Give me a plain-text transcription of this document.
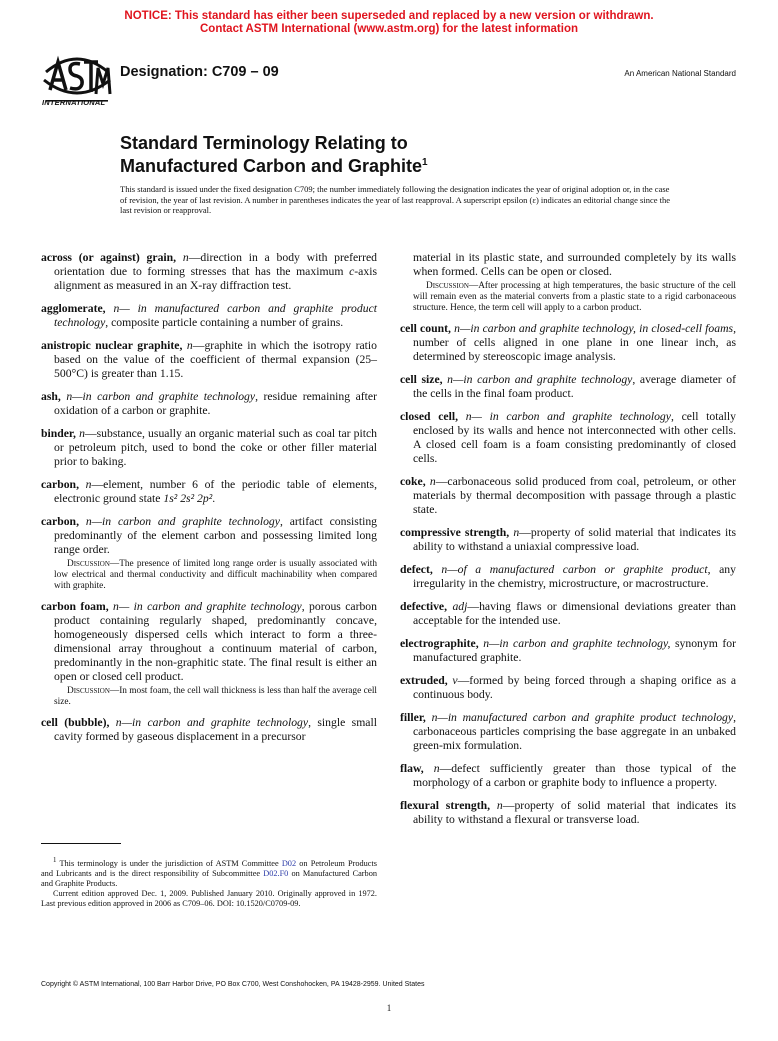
NOTICE: This standard has either been superseded and replaced by a new version or withdrawn.
Contact ASTM International (www.astm.org) for the latest information
INTERNATIONAL
Designation: C709 – 09	An American National Standard
Standard Terminology Relating to
Manufactured Carbon and Graphite$^1$
This standard is issued under the fixed designation C709; the number immediately following the designation indicates the year of original adoption or, in the case of revision, the year of last revision. A number in parentheses indicates the year of last reapproval. A superscript epsilon (ε) indicates an editorial change since the last revision or reapproval.

across (or against) grain, n—direction in a body with preferred orientation due to forming stresses that has the maximum c-axis alignment as measured in an X-ray diffraction test.

agglomerate, n— in manufactured carbon and graphite product technology, composite particle containing a number of grains.

anistropic nuclear graphite, n—graphite in which the isotropy ratio based on the value of the coefficient of thermal expansion (25–500°C) is greater than 1.15.

ash, n—in carbon and graphite technology, residue remaining after oxidation of a carbon or graphite.

binder, n—substance, usually an organic material such as coal tar pitch or petroleum pitch, used to bond the coke or other filler material prior to baking.

carbon, n—element, number 6 of the periodic table of elements, electronic ground state 1s² 2s² 2p².

carbon, n—in carbon and graphite technology, artifact consisting predominantly of the element carbon and possessing limited long range order.

Discussion—The presence of limited long range order is usually associated with low electrical and thermal conductivity and difficult machinability when compared with graphite.

carbon foam, n— in carbon and graphite technology, porous carbon product containing regularly shaped, predominantly concave, homogeneously dispersed cells which interact to form a three-dimensional array throughout a continuum material of carbon, predominantly in the non-graphitic state. The final result is either an open or closed cell product.

Discussion—In most foam, the cell wall thickness is less than half the average cell size.

cell (bubble), n—in carbon and graphite technology, single small cavity formed by gaseous displacement in a precursor

material in its plastic state, and surrounded completely by its walls when formed. Cells can be open or closed.

Discussion—After processing at high temperatures, the basic structure of the cell will remain even as the material converts from a plastic state to a rigid carbonaceous structure. Hence, the term cell will apply to a carbon product.

cell count, n—in carbon and graphite technology, in closed-cell foams, number of cells aligned in one plane in one linear inch, as determined by stereoscopic image analysis.

cell size, n—in carbon and graphite technology, average diameter of the cells in the final foam product.

closed cell, n— in carbon and graphite technology, cell totally enclosed by its walls and hence not interconnected with other cells. A closed cell foam is a foam consisting predominantly of closed cells.

coke, n—carbonaceous solid produced from coal, petroleum, or other materials by thermal decomposition with passage through a plastic state.

compressive strength, n—property of solid material that indicates its ability to withstand a uniaxial compressive load.

defect, n—of a manufactured carbon or graphite product, any irregularity in the chemistry, microstructure, or macrostructure.

defective, adj—having flaws or dimensional deviations greater than acceptable for the intended use.

electrographite, n—in carbon and graphite technology, synonym for manufactured graphite.

extruded, v—formed by being forced through a shaping orifice as a continuous body.

filler, n—in manufactured carbon and graphite product technology, carbonaceous particles comprising the base aggregate in an unbaked green-mix formulation.

flaw, n—defect sufficiently greater than those typical of the morphology of a carbon or graphite body to influence a property.

flexural strength, n—property of solid material that indicates its ability to withstand a flexural or transverse load.

$^1$ This terminology is under the jurisdiction of ASTM Committee D02 on Petroleum Products and Lubricants and is the direct responsibility of Subcommittee D02.F0 on Manufactured Carbon and Graphite Products.

Current edition approved Dec. 1, 2009. Published January 2010. Originally approved in 1972. Last previous edition approved in 2006 as C709–06. DOI: 10.1520/C0709-09.

Copyright © ASTM International, 100 Barr Harbor Drive, PO Box C700, West Conshohocken, PA 19428-2959. United States
1
